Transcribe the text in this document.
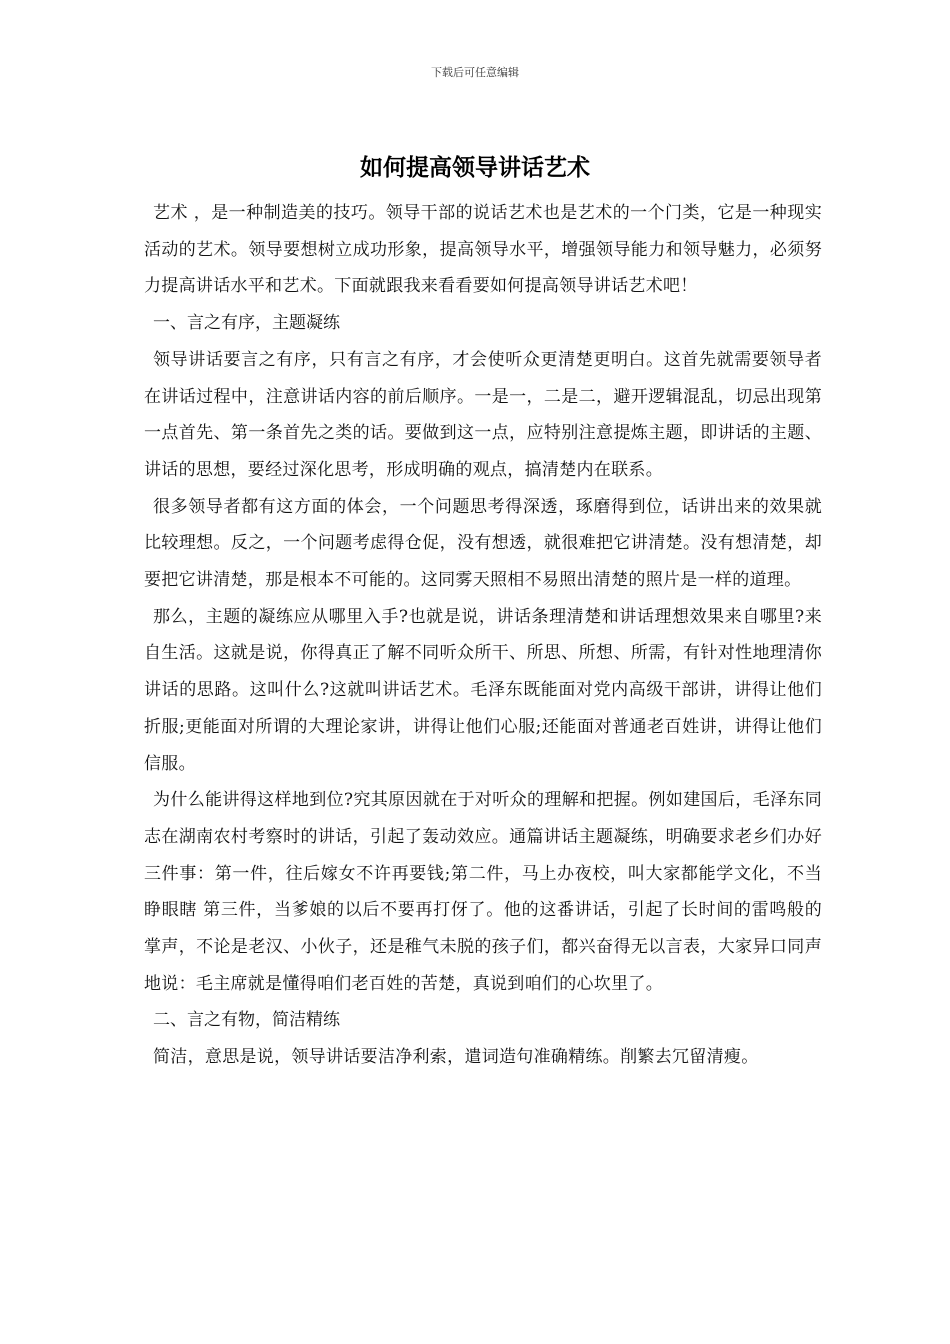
下载后可任意编辑
如何提高领导讲话艺术

艺术 ，是一种制造美的技巧。领导干部的说话艺术也是艺术的一个门类，它是一种现实活动的艺术。领导要想树立成功形象，提高领导水平，增强领导能力和领导魅力，必须努力提高讲话水平和艺术。下面就跟我来看看要如何提高领导讲话艺术吧！

一、言之有序，主题凝练

领导讲话要言之有序，只有言之有序，才会使听众更清楚更明白。这首先就需要领导者在讲话过程中，注意讲话内容的前后顺序。一是一，二是二，避开逻辑混乱，切忌出现第一点首先、第一条首先之类的话。要做到这一点，应特别注意提炼主题，即讲话的主题、讲话的思想，要经过深化思考，形成明确的观点，搞清楚内在联系。

很多领导者都有这方面的体会，一个问题思考得深透，琢磨得到位，话讲出来的效果就比较理想。反之，一个问题考虑得仓促，没有想透，就很难把它讲清楚。没有想清楚，却要把它讲清楚，那是根本不可能的。这同雾天照相不易照出清楚的照片是一样的道理。

那么，主题的凝练应从哪里入手?也就是说，讲话条理清楚和讲话理想效果来自哪里?来自生活。这就是说，你得真正了解不同听众所干、所思、所想、所需，有针对性地理清你讲话的思路。这叫什么?这就叫讲话艺术。毛泽东既能面对党内高级干部讲，讲得让他们折服;更能面对所谓的大理论家讲，讲得让他们心服;还能面对普通老百姓讲，讲得让他们信服。

为什么能讲得这样地到位?究其原因就在于对听众的理解和把握。例如建国后，毛泽东同志在湖南农村考察时的讲话，引起了轰动效应。通篇讲话主题凝练，明确要求老乡们办好三件事：第一件，往后嫁女不许再要钱;第二件，马上办夜校，叫大家都能学文化，不当 睁眼瞎 第三件，当爹娘的以后不要再打伢了。他的这番讲话，引起了长时间的雷鸣般的掌声，不论是老汉、小伙子，还是稚气未脱的孩子们，都兴奋得无以言表，大家异口同声地说：毛主席就是懂得咱们老百姓的苦楚，真说到咱们的心坎里了。

二、言之有物，简洁精练

简洁，意思是说，领导讲话要洁净利索，遣词造句准确精练。削繁去冗留清瘦。
